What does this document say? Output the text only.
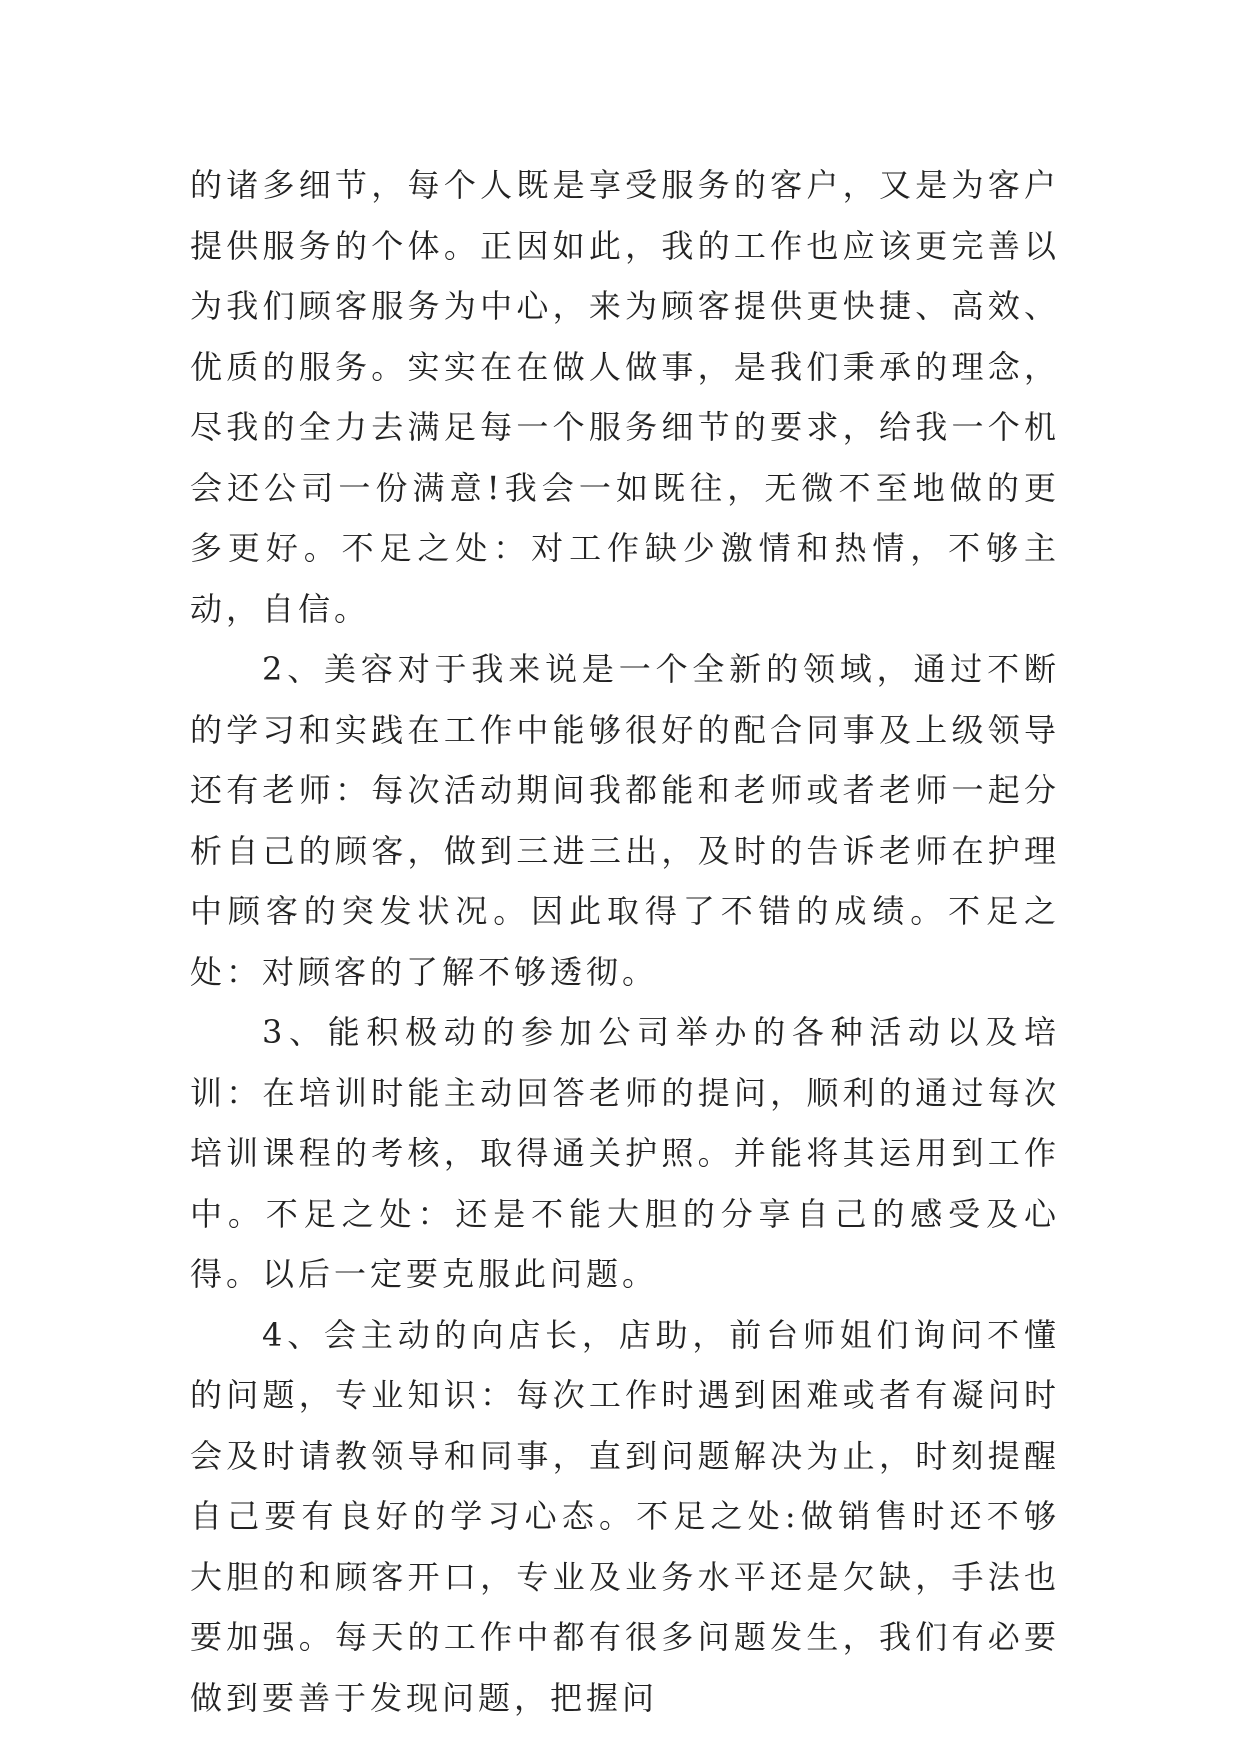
的诸多细节，每个人既是享受服务的客户，又是为客户提供服务的个体。正因如此，我的工作也应该更完善以为我们顾客服务为中心，来为顾客提供更快捷、高效、优质的服务。实实在在做人做事，是我们秉承的理念，尽我的全力去满足每一个服务细节的要求，给我一个机会还公司一份满意!我会一如既往，无微不至地做的更多更好。不足之处：对工作缺少激情和热情，不够主动，自信。

2、美容对于我来说是一个全新的领域，通过不断的学习和实践在工作中能够很好的配合同事及上级领导还有老师：每次活动期间我都能和老师或者老师一起分析自己的顾客，做到三进三出，及时的告诉老师在护理中顾客的突发状况。因此取得了不错的成绩。不足之处：对顾客的了解不够透彻。

3、能积极动的参加公司举办的各种活动以及培训：在培训时能主动回答老师的提问，顺利的通过每次培训课程的考核，取得通关护照。并能将其运用到工作中。不足之处：还是不能大胆的分享自己的感受及心得。以后一定要克服此问题。

4、会主动的向店长，店助，前台师姐们询问不懂的问题，专业知识：每次工作时遇到困难或者有凝问时会及时请教领导和同事，直到问题解决为止，时刻提醒自己要有良好的学习心态。不足之处:做销售时还不够大胆的和顾客开口，专业及业务水平还是欠缺，手法也要加强。每天的工作中都有很多问题发生，我们有必要做到要善于发现问题，把握问
